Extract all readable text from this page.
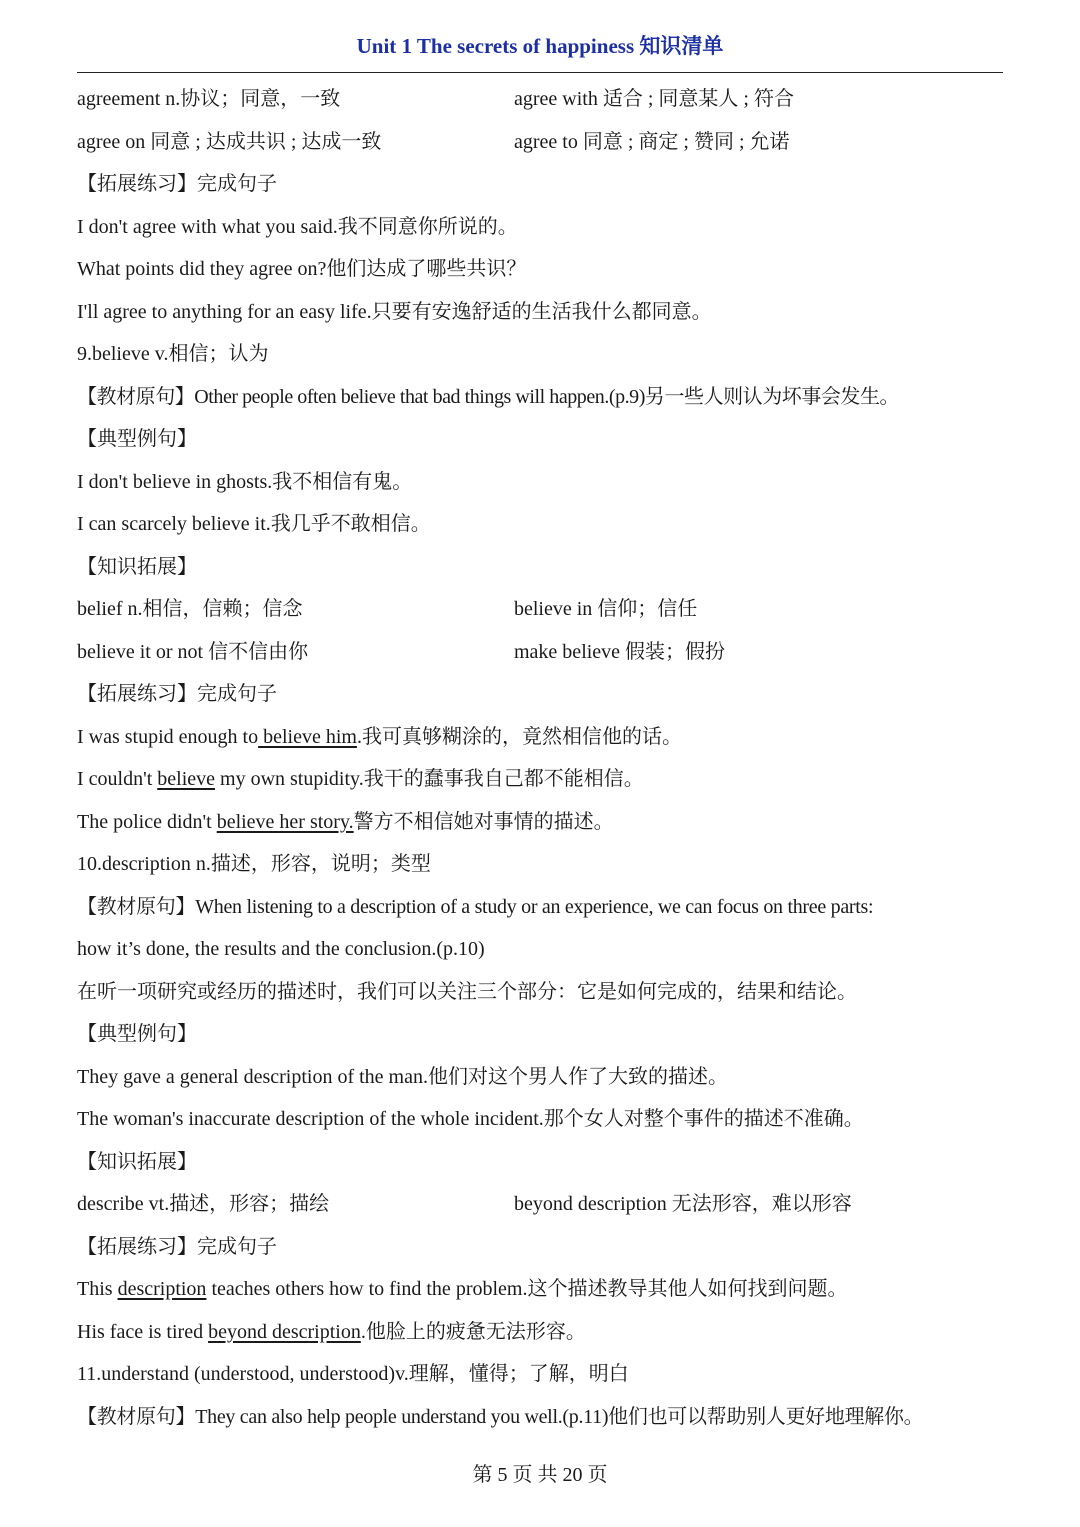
Unit 1 The secrets of happiness 知识清单
agreement n.协议；同意，一致	agree with 适合 ; 同意某人 ; 符合
agree on 同意 ; 达成共识 ; 达成一致	agree to 同意 ; 商定 ; 赞同 ; 允诺
【拓展练习】完成句子
I don't agree with what you said.我不同意你所说的。
What points did they agree on?他们达成了哪些共识？
I'll agree to anything for an easy life.只要有安逸舒适的生活我什么都同意。
9.believe v.相信；认为
【教材原句】Other people often believe that bad things will happen.(p.9)另一些人则认为坏事会发生。
【典型例句】
I don't believe in ghosts.我不相信有鬼。
I can scarcely believe it.我几乎不敢相信。
【知识拓展】
belief n.相信，信赖；信念	believe in 信仰；信任
believe it or not 信不信由你	make believe 假装；假扮
【拓展练习】完成句子
I was stupid enough to believe him.我可真够糊涂的，竟然相信他的话。
I couldn't believe my own stupidity.我干的蠢事我自己都不能相信。
The police didn't believe her story.警方不相信她对事情的描述。
10.description n.描述，形容，说明；类型
【教材原句】When listening to a description of a study or an experience, we can focus on three parts:
how it’s done, the results and the conclusion.(p.10)
在听一项研究或经历的描述时，我们可以关注三个部分：它是如何完成的，结果和结论。
【典型例句】
They gave a general description of the man.他们对这个男人作了大致的描述。
The woman's inaccurate description of the whole incident.那个女人对整个事件的描述不准确。
【知识拓展】
describe vt.描述，形容；描绘	beyond description 无法形容，难以形容
【拓展练习】完成句子
This description teaches others how to find the problem.这个描述教导其他人如何找到问题。
His face is tired beyond description.他脸上的疲惫无法形容。
11.understand (understood, understood)v.理解，懂得；了解，明白
【教材原句】They can also help people understand you well.(p.11)他们也可以帮助别人更好地理解你。
第 5 页 共 20 页
